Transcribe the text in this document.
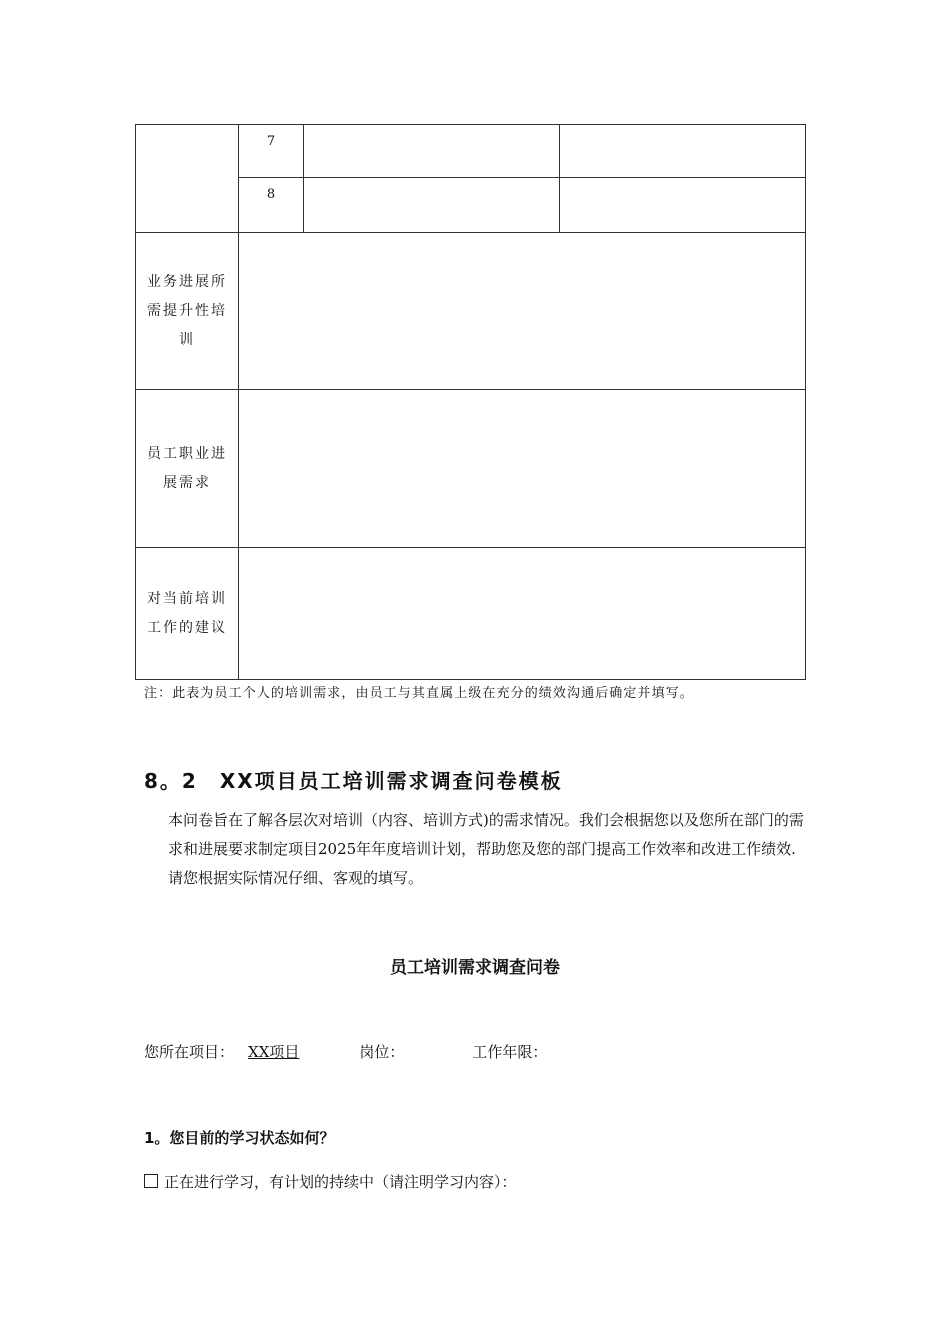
	7		

	8		

业务进展所需提升性培训			
员工职业进展需求			
对当前培训工作的建议			
注：此表为员工个人的培训需求，由员工与其直属上级在充分的绩效沟通后确定并填写。
8。2 XX项目员工培训需求调查问卷模板

本问卷旨在了解各层次对培训（内容、培训方式)的需求情况。我们会根据您以及您所在部门的需求和进展要求制定项目2025年年度培训计划，帮助您及您的部门提高工作效率和改进工作绩效.请您根据实际情况仔细、客观的填写。

员工培训需求调查问卷
您所在项目： XX项目	岗位：	工作年限：
1。您目前的学习状态如何？
正在进行学习，有计划的持续中（请注明学习内容）：
